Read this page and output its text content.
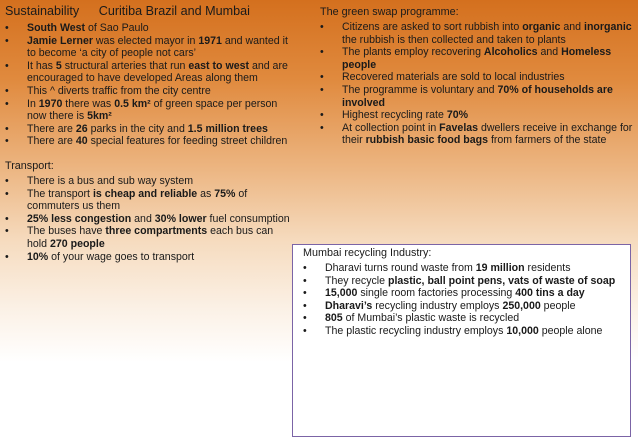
Sustainability Curitiba Brazil and Mumbai
• South West of Sao Paulo
• Jamie Lerner was elected mayor in 1971 and wanted it to become ‘a city of people not cars’
• It has 5 structural arteries that run east to west and are encouraged to have developed Areas along them
• This ^ diverts traffic from the city centre
• In 1970 there was 0.5 km² of green space per person now there is 5km²
• There are 26 parks in the city and 1.5 million trees
• There are 40 special features for feeding street children
Transport:
• There is a bus and sub way system
• The transport is cheap and reliable as 75% of commuters us them
• 25% less congestion and 30% lower fuel consumption
• The buses have three compartments each bus can hold 270 people
• 10% of your wage goes to transport
The green swap programme:
• Citizens are asked to sort rubbish into organic and inorganic the rubbish is then collected and taken to plants
• The plants employ recovering Alcoholics and Homeless people
• Recovered materials are sold to local industries
• The programme is voluntary and 70% of households are involved
• Highest recycling rate 70%
• At collection point in Favelas dwellers receive in exchange for their rubbish basic food bags from farmers of the state
Mumbai recycling Industry:
• Dharavi turns round waste from 19 million residents
• They recycle plastic, ball point pens, vats of waste of soap
• 15,000 single room factories processing 400 tins a day
• Dharavi’s recycling industry employs 250,000 people
• 805 of Mumbai’s plastic waste is recycled
• The plastic recycling industry employs 10,000 people alone
